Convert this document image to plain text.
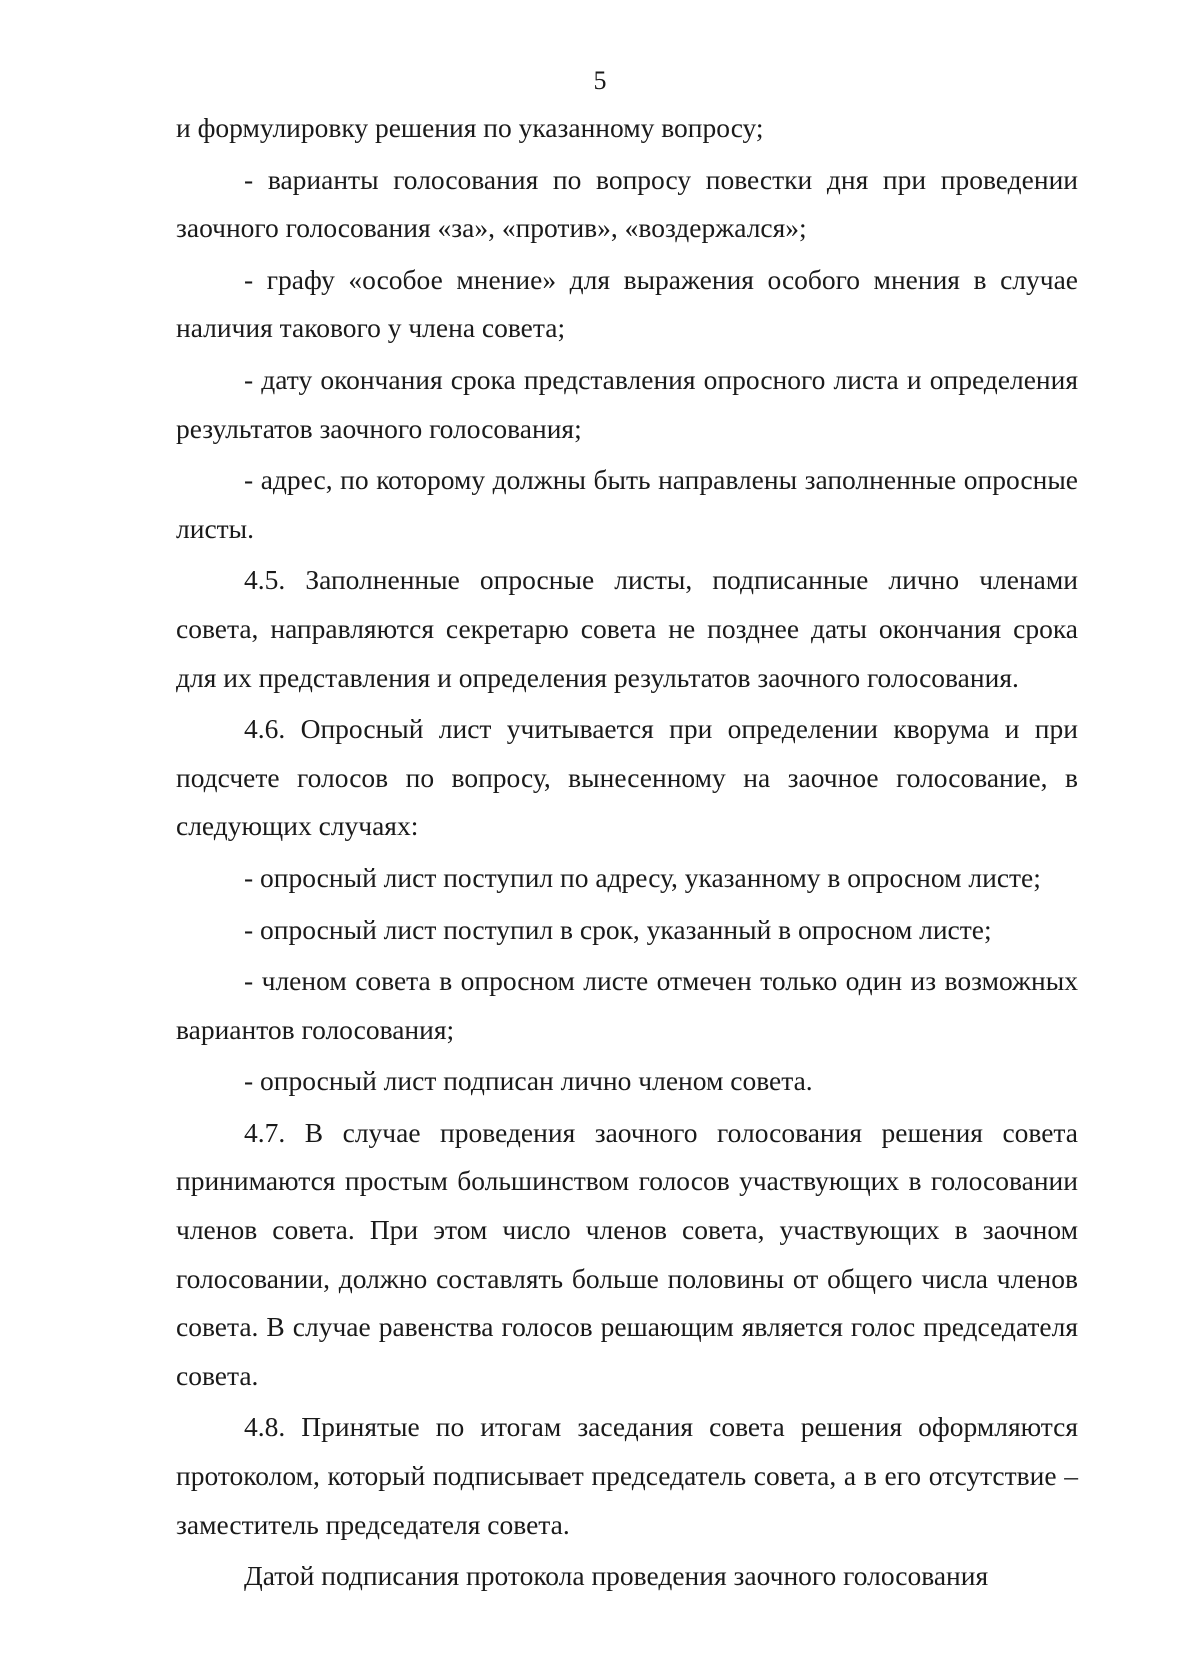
5

и формулировку решения по указанному вопросу;

- варианты голосования по вопросу повестки дня при проведении заочного голосования «за», «против», «воздержался»;

- графу «особое мнение» для выражения особого мнения в случае наличия такового у члена совета;

- дату окончания срока представления опросного листа и определения результатов заочного голосования;

- адрес, по которому должны быть направлены заполненные опросные листы.

4.5. Заполненные опросные листы, подписанные лично членами совета, направляются секретарю совета не позднее даты окончания срока для их представления и определения результатов заочного голосования.

4.6. Опросный лист учитывается при определении кворума и при подсчете голосов по вопросу, вынесенному на заочное голосование, в следующих случаях:

- опросный лист поступил по адресу, указанному в опросном листе;

- опросный лист поступил в срок, указанный в опросном листе;

- членом совета в опросном листе отмечен только один из возможных вариантов голосования;

- опросный лист подписан лично членом совета.

4.7. В случае проведения заочного голосования решения совета принимаются простым большинством голосов участвующих в голосовании членов совета. При этом число членов совета, участвующих в заочном голосовании, должно составлять больше половины от общего числа членов совета. В случае равенства голосов решающим является голос председателя совета.

4.8. Принятые по итогам заседания совета решения оформляются протоколом, который подписывает председатель совета, а в его отсутствие – заместитель председателя совета.

Датой подписания протокола проведения заочного голосования
